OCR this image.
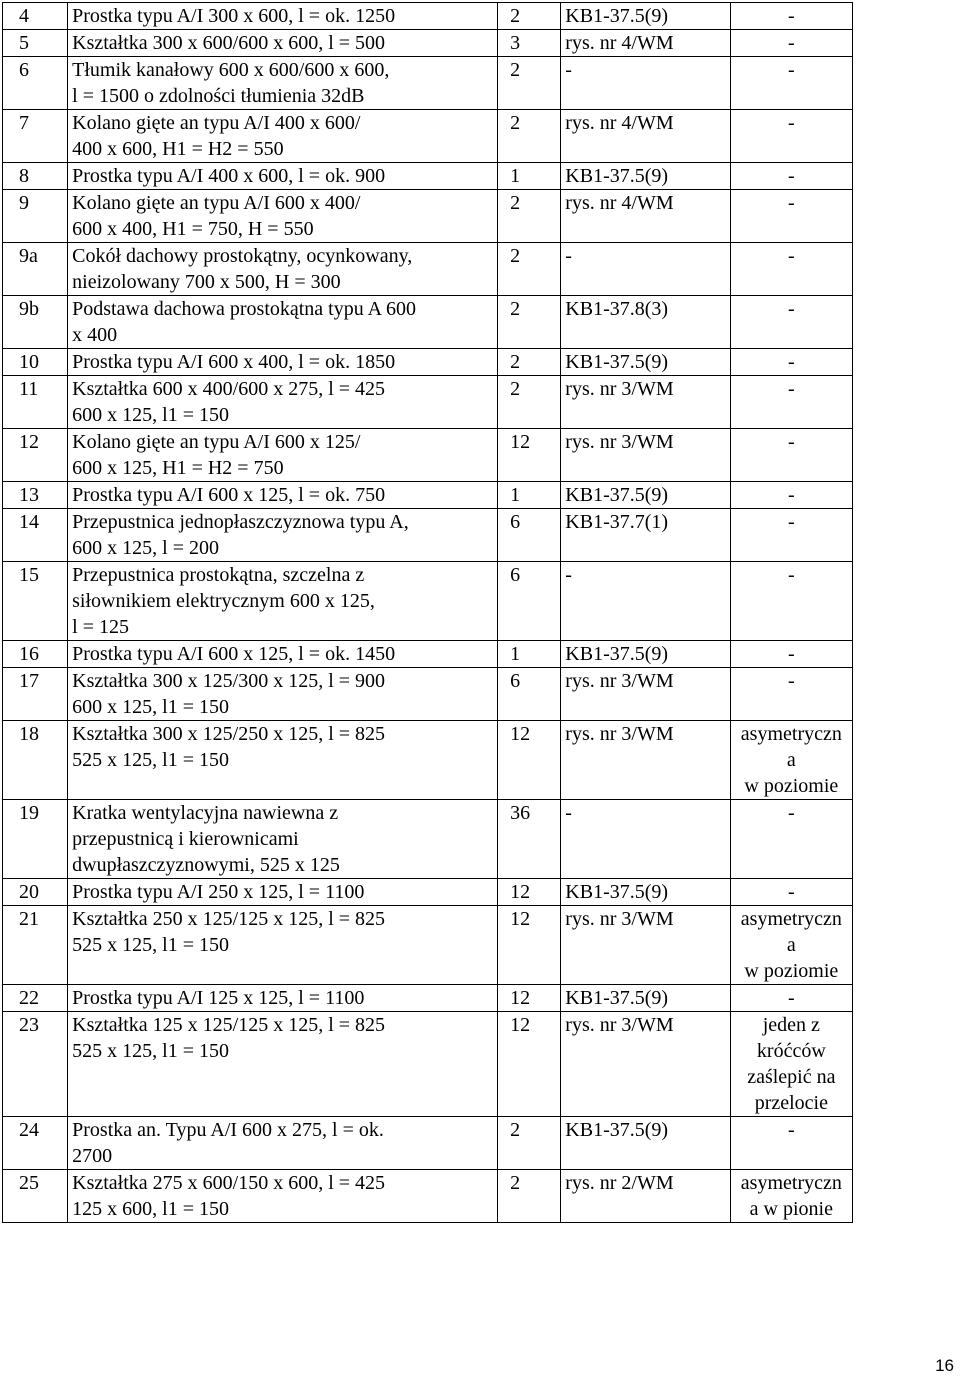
4	Prostka typu A/I 300 x 600, l = ok. 1250	2	KB1-37.5(9)	-
5	Kształtka 300 x 600/600 x 600, l = 500	3	rys. nr 4/WM	-
6	Tłumik kanałowy 600 x 600/600 x 600,
l = 1500 o zdolności tłumienia 32dB	2	-	-
7	Kolano gięte an typu A/I 400 x 600/
400 x 600, H1 = H2 = 550	2	rys. nr 4/WM	-
8	Prostka typu A/I 400 x 600, l = ok. 900	1	KB1-37.5(9)	-
9	Kolano gięte an typu A/I 600 x 400/
600 x 400, H1 = 750, H = 550	2	rys. nr 4/WM	-
9a	Cokół dachowy prostokątny, ocynkowany,
nieizolowany 700 x 500, H = 300	2	-	-
9b	Podstawa dachowa prostokątna typu A 600
x 400	2	KB1-37.8(3)	-
10	Prostka typu A/I 600 x 400, l = ok. 1850	2	KB1-37.5(9)	-
11	Kształtka 600 x 400/600 x 275, l = 425
600 x 125, l1 = 150	2	rys. nr 3/WM	-
12	Kolano gięte an typu A/I 600 x 125/
600 x 125, H1 = H2 = 750	12	rys. nr 3/WM	-
13	Prostka typu A/I 600 x 125, l = ok. 750	1	KB1-37.5(9)	-
14	Przepustnica jednopłaszczyznowa typu A,
600 x 125, l = 200	6	KB1-37.7(1)	-
15	Przepustnica prostokątna, szczelna z
siłownikiem elektrycznym 600 x 125,
l = 125	6	-	-
16	Prostka typu A/I 600 x 125, l = ok. 1450	1	KB1-37.5(9)	-
17	Kształtka 300 x 125/300 x 125, l = 900
600 x 125, l1 = 150	6	rys. nr 3/WM	-
18	Kształtka 300 x 125/250 x 125, l = 825
525 x 125, l1 = 150	12	rys. nr 3/WM	asymetryczn
a
w poziomie
19	Kratka wentylacyjna nawiewna z
przepustnicą i kierownicami
dwupłaszczyznowymi, 525 x 125	36	-	-
20	Prostka typu A/I 250 x 125, l = 1100	12	KB1-37.5(9)	-
21	Kształtka 250 x 125/125 x 125, l = 825
525 x 125, l1 = 150	12	rys. nr 3/WM	asymetryczn
a
w poziomie
22	Prostka typu A/I 125 x 125, l = 1100	12	KB1-37.5(9)	-
23	Kształtka 125 x 125/125 x 125, l = 825
525 x 125, l1 = 150	12	rys. nr 3/WM	jeden z
króćców
zaślepić na
przelocie
24	Prostka an. Typu A/I 600 x 275, l = ok.
2700	2	KB1-37.5(9)	-
25	Kształtka 275 x 600/150 x 600, l = 425
125 x 600, l1 = 150	2	rys. nr 2/WM	asymetryczn
a w pionie
16
